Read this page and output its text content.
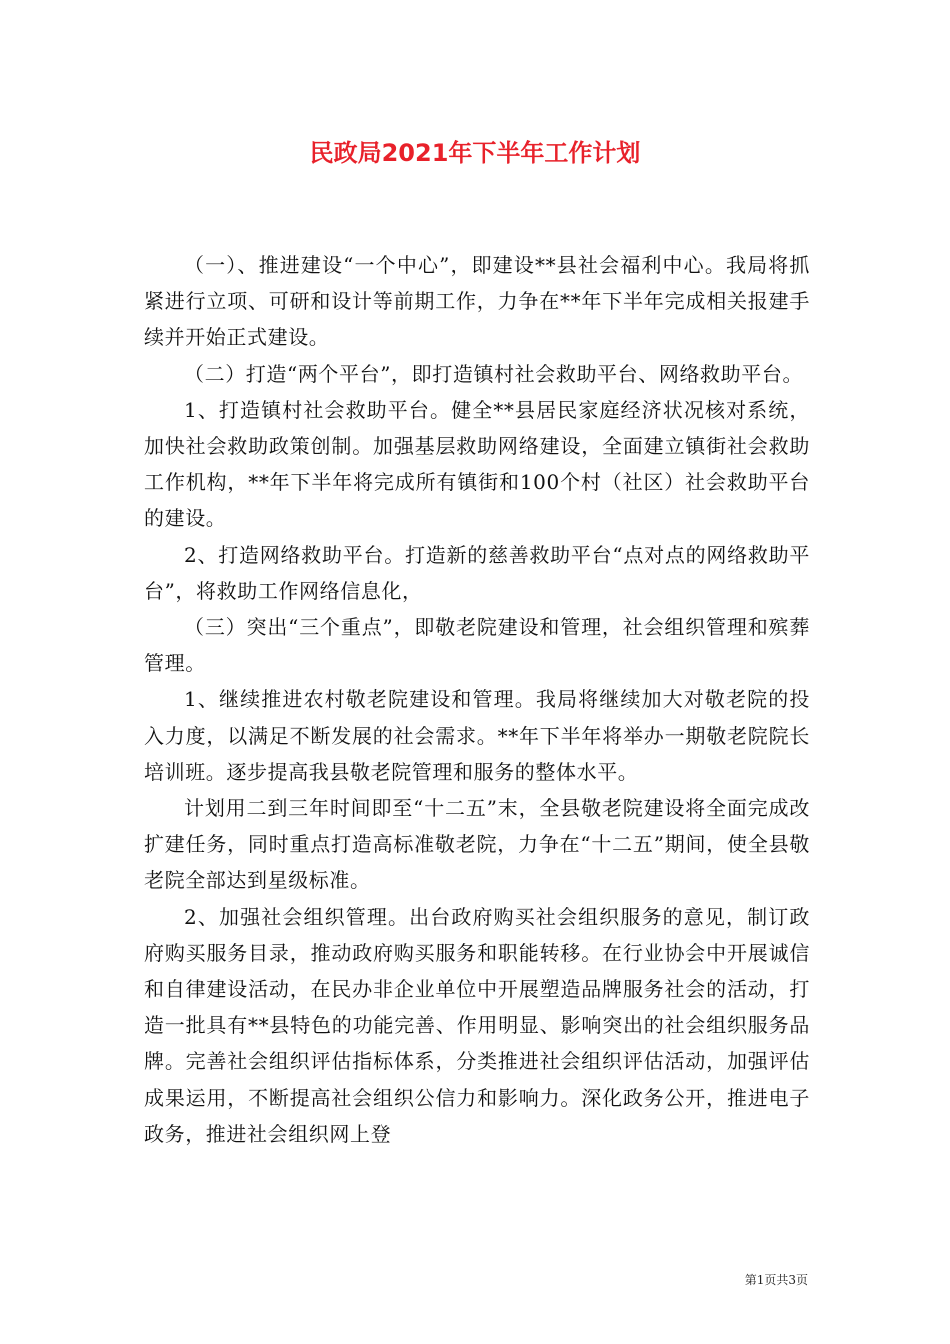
民政局2021年下半年工作计划

（一）、推进建设“一个中心”，即建设**县社会福利中心。我局将抓紧进行立项、可研和设计等前期工作，力争在**年下半年完成相关报建手续并开始正式建设。

（二）打造“两个平台”，即打造镇村社会救助平台、网络救助平台。

1、打造镇村社会救助平台。健全**县居民家庭经济状况核对系统，加快社会救助政策创制。加强基层救助网络建设，全面建立镇街社会救助工作机构，**年下半年将完成所有镇街和100个村（社区）社会救助平台的建设。

2、打造网络救助平台。打造新的慈善救助平台“点对点的网络救助平台”，将救助工作网络信息化，

（三）突出“三个重点”，即敬老院建设和管理，社会组织管理和殡葬管理。

1、继续推进农村敬老院建设和管理。我局将继续加大对敬老院的投入力度，以满足不断发展的社会需求。**年下半年将举办一期敬老院院长培训班。逐步提高我县敬老院管理和服务的整体水平。

计划用二到三年时间即至“十二五”末，全县敬老院建设将全面完成改扩建任务，同时重点打造高标准敬老院，力争在“十二五”期间，使全县敬老院全部达到星级标准。

2、加强社会组织管理。出台政府购买社会组织服务的意见，制订政府购买服务目录，推动政府购买服务和职能转移。在行业协会中开展诚信和自律建设活动，在民办非企业单位中开展塑造品牌服务社会的活动，打造一批具有**县特色的功能完善、作用明显、影响突出的社会组织服务品牌。完善社会组织评估指标体系，分类推进社会组织评估活动，加强评估成果运用，不断提高社会组织公信力和影响力。深化政务公开，推进电子政务，推进社会组织网上登

第1页共3页
